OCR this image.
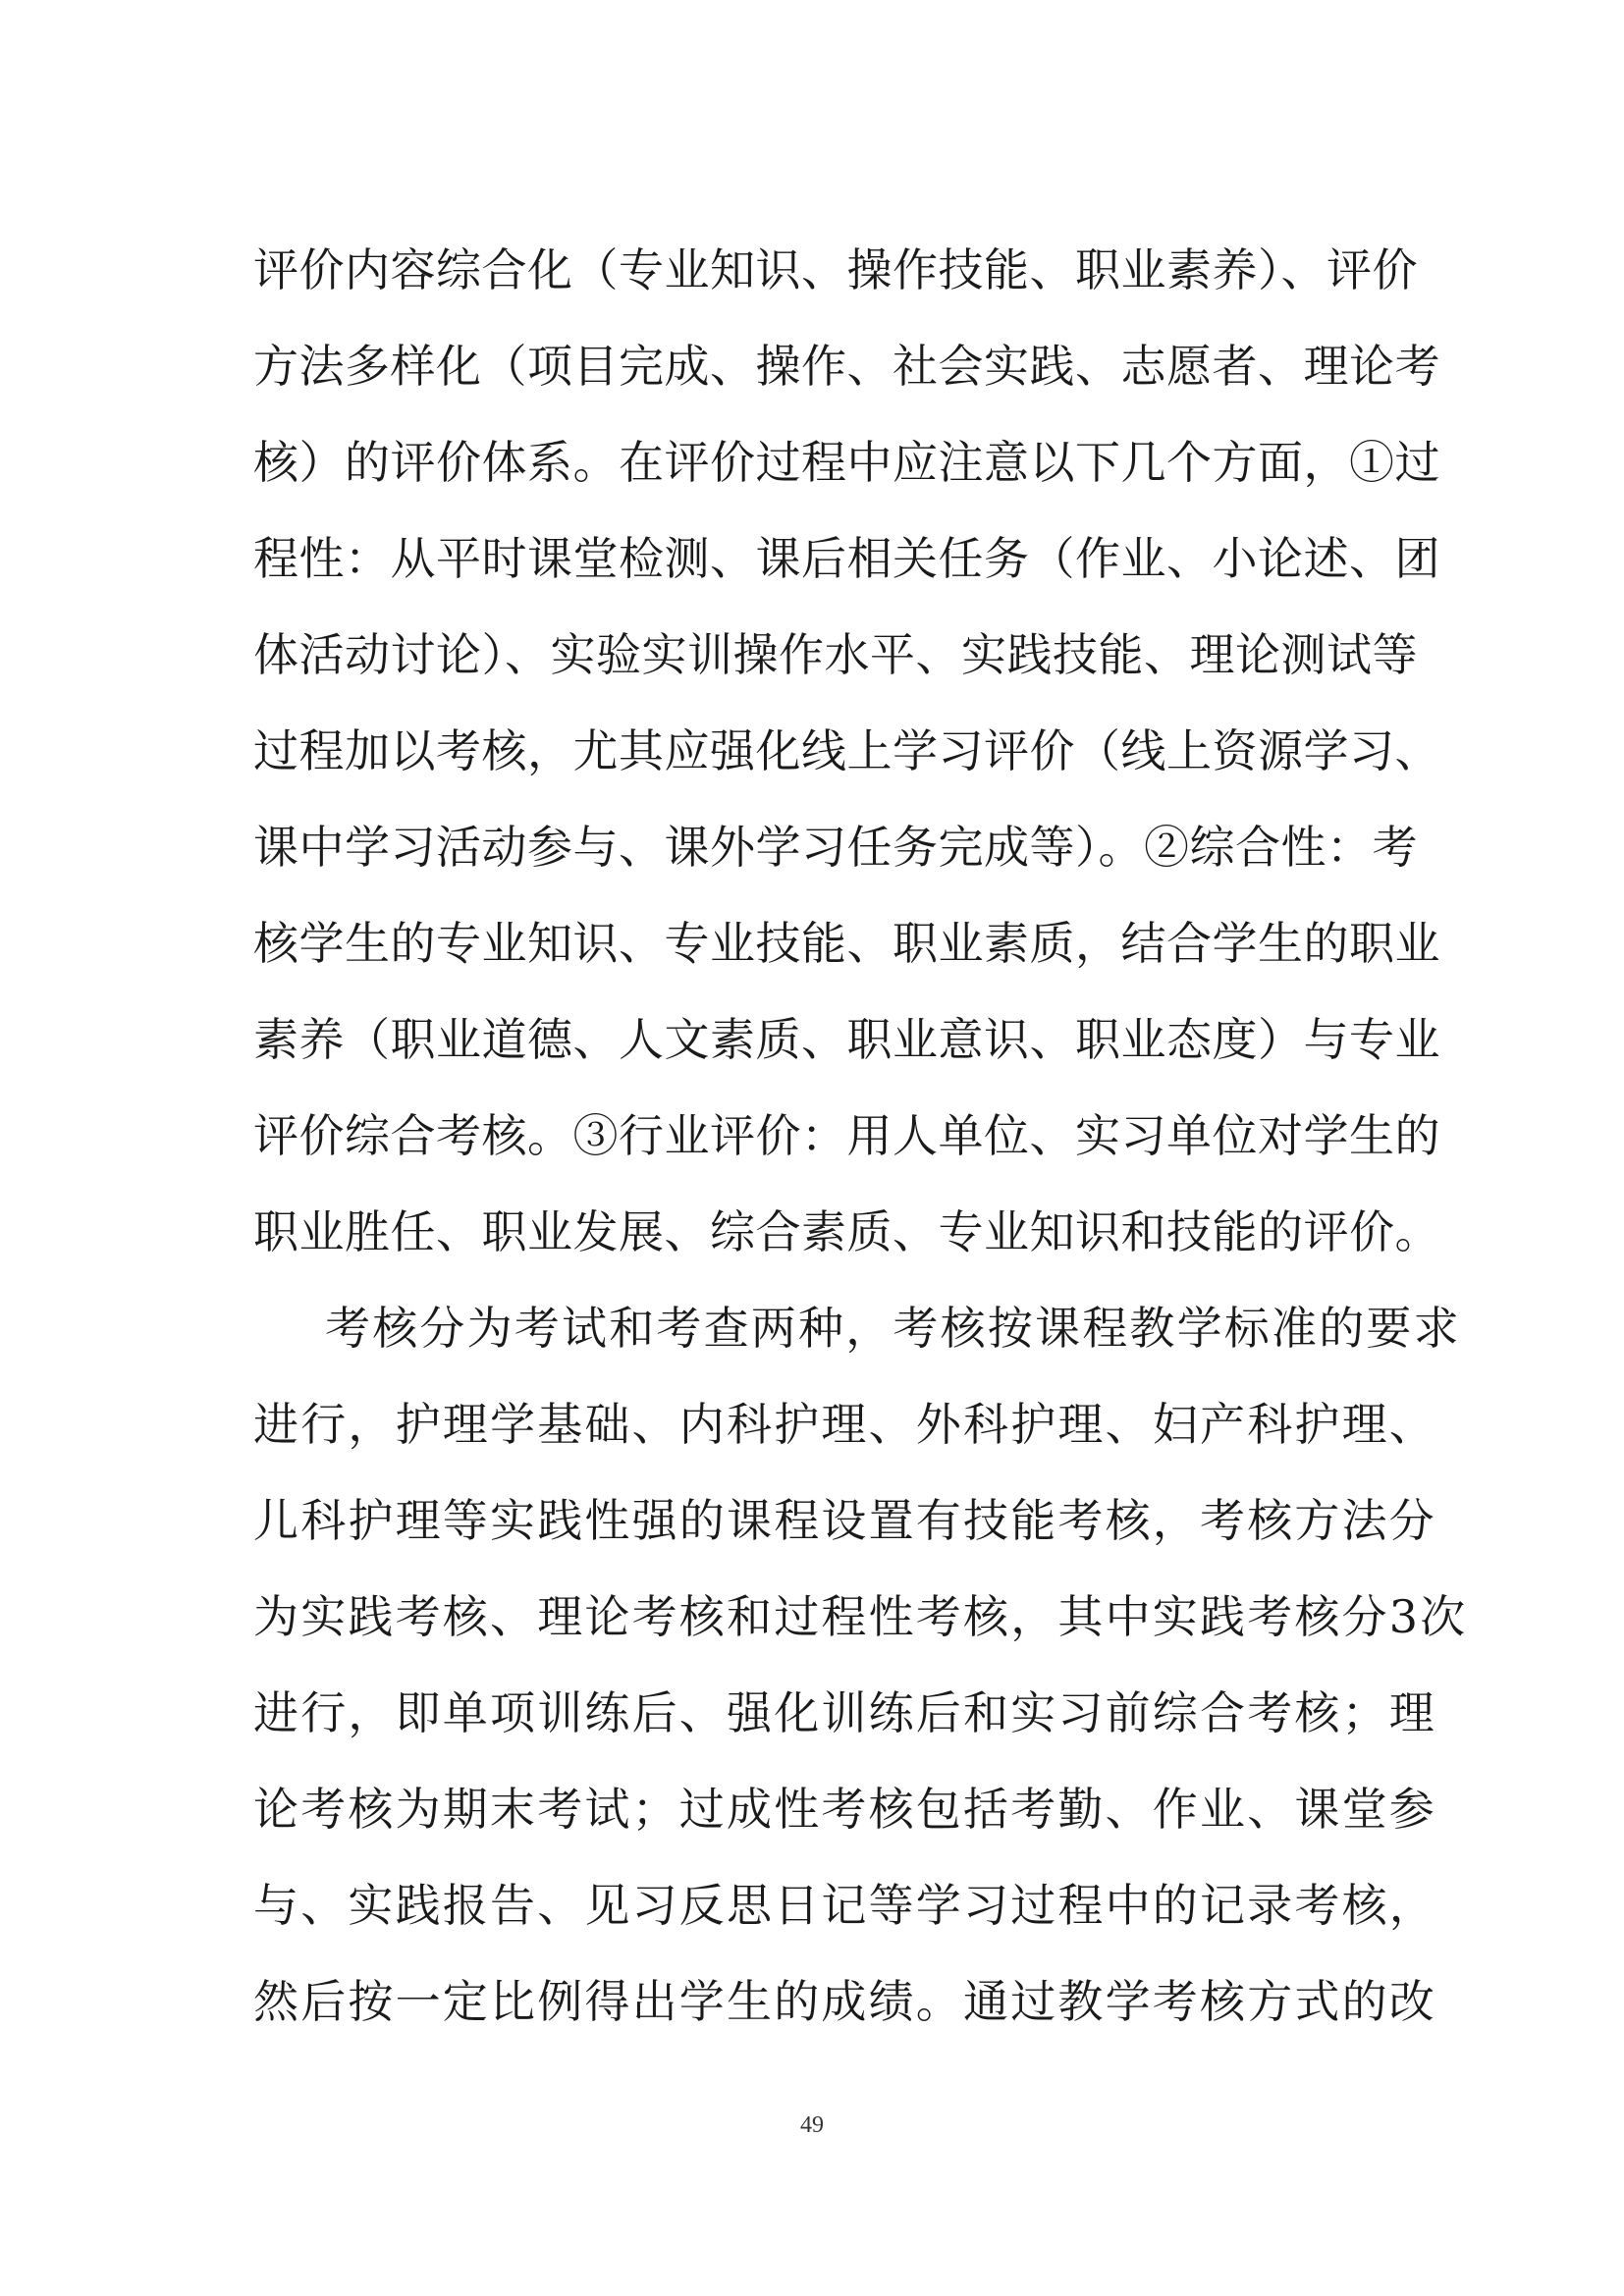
评价内容综合化（专业知识、操作技能、职业素养）、评价
方法多样化（项目完成、操作、社会实践、志愿者、理论考
核）的评价体系。在评价过程中应注意以下几个方面，①过
程性：从平时课堂检测、课后相关任务（作业、小论述、团
体活动讨论）、实验实训操作水平、实践技能、理论测试等
过程加以考核，尤其应强化线上学习评价（线上资源学习、
课中学习活动参与、课外学习任务完成等）。②综合性：考
核学生的专业知识、专业技能、职业素质，结合学生的职业
素养（职业道德、人文素质、职业意识、职业态度）与专业
评价综合考核。③行业评价：用人单位、实习单位对学生的
职业胜任、职业发展、综合素质、专业知识和技能的评价。
考核分为考试和考查两种，考核按课程教学标准的要求
进行，护理学基础、内科护理、外科护理、妇产科护理、
儿科护理等实践性强的课程设置有技能考核，考核方法分
为实践考核、理论考核和过程性考核，其中实践考核分3次
进行，即单项训练后、强化训练后和实习前综合考核；理
论考核为期末考试；过成性考核包括考勤、作业、课堂参
与、实践报告、见习反思日记等学习过程中的记录考核，
然后按一定比例得出学生的成绩。通过教学考核方式的改
49
